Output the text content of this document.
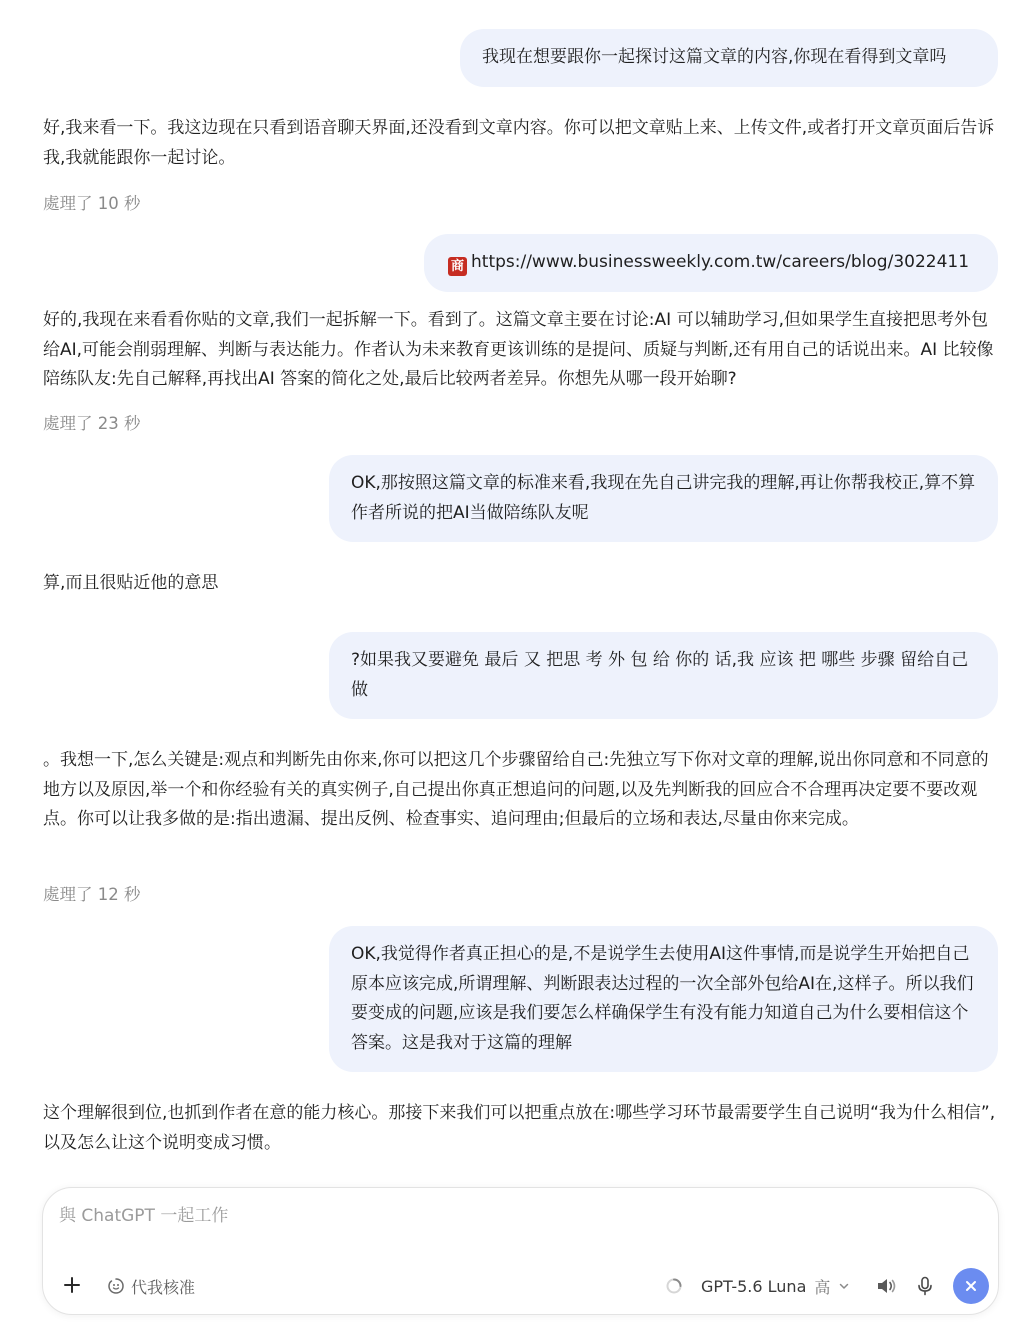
我现在想要跟你一起探讨这篇文章的内容,你现在看得到文章吗
好,我来看一下。我这边现在只看到语音聊天界面,还没看到文章内容。你可以把文章贴上来、上传文件,或者打开文章页面后告诉我,我就能跟你一起讨论。
處理了 10 秒
商 https://www.businessweekly.com.tw/careers/blog/3022411
好的,我现在来看看你贴的文章,我们一起拆解一下。看到了。这篇文章主要在讨论:AI 可以辅助学习,但如果学生直接把思考外包给AI,可能会削弱理解、判断与表达能力。作者认为未来教育更该训练的是提问、质疑与判断,还有用自己的话说出来。AI 比较像陪练队友:先自己解释,再找出AI 答案的简化之处,最后比较两者差异。你想先从哪一段开始聊?
處理了 23 秒
OK,那按照这篇文章的标准来看,我现在先自己讲完我的理解,再让你帮我校正,算不算作者所说的把AI当做陪练队友呢
算,而且很贴近他的意思
?如果我又要避免 最后 又 把思 考 外 包 给 你的 话,我 应该 把 哪些 步骤 留给自己 做
。我想一下,怎么关键是:观点和判断先由你来,你可以把这几个步骤留给自己:先独立写下你对文章的理解,说出你同意和不同意的地方以及原因,举一个和你经验有关的真实例子,自己提出你真正想追问的问题,以及先判断我的回应合不合理再决定要不要改观点。你可以让我多做的是:指出遗漏、提出反例、检查事实、追问理由;但最后的立场和表达,尽量由你来完成。
處理了 12 秒
OK,我觉得作者真正担心的是,不是说学生去使用AI这件事情,而是说学生开始把自己原本应该完成,所谓理解、判断跟表达过程的一次全部外包给AI在,这样子。所以我们要变成的问题,应该是我们要怎么样确保学生有没有能力知道自己为什么要相信这个答案。这是我对于这篇的理解
这个理解很到位,也抓到作者在意的能力核心。那接下来我们可以把重点放在:哪些学习环节最需要学生自己说明“我为什么相信”,以及怎么让这个说明变成习惯。
與 ChatGPT 一起工作
代我核准	GPT-5.6 Luna 高
